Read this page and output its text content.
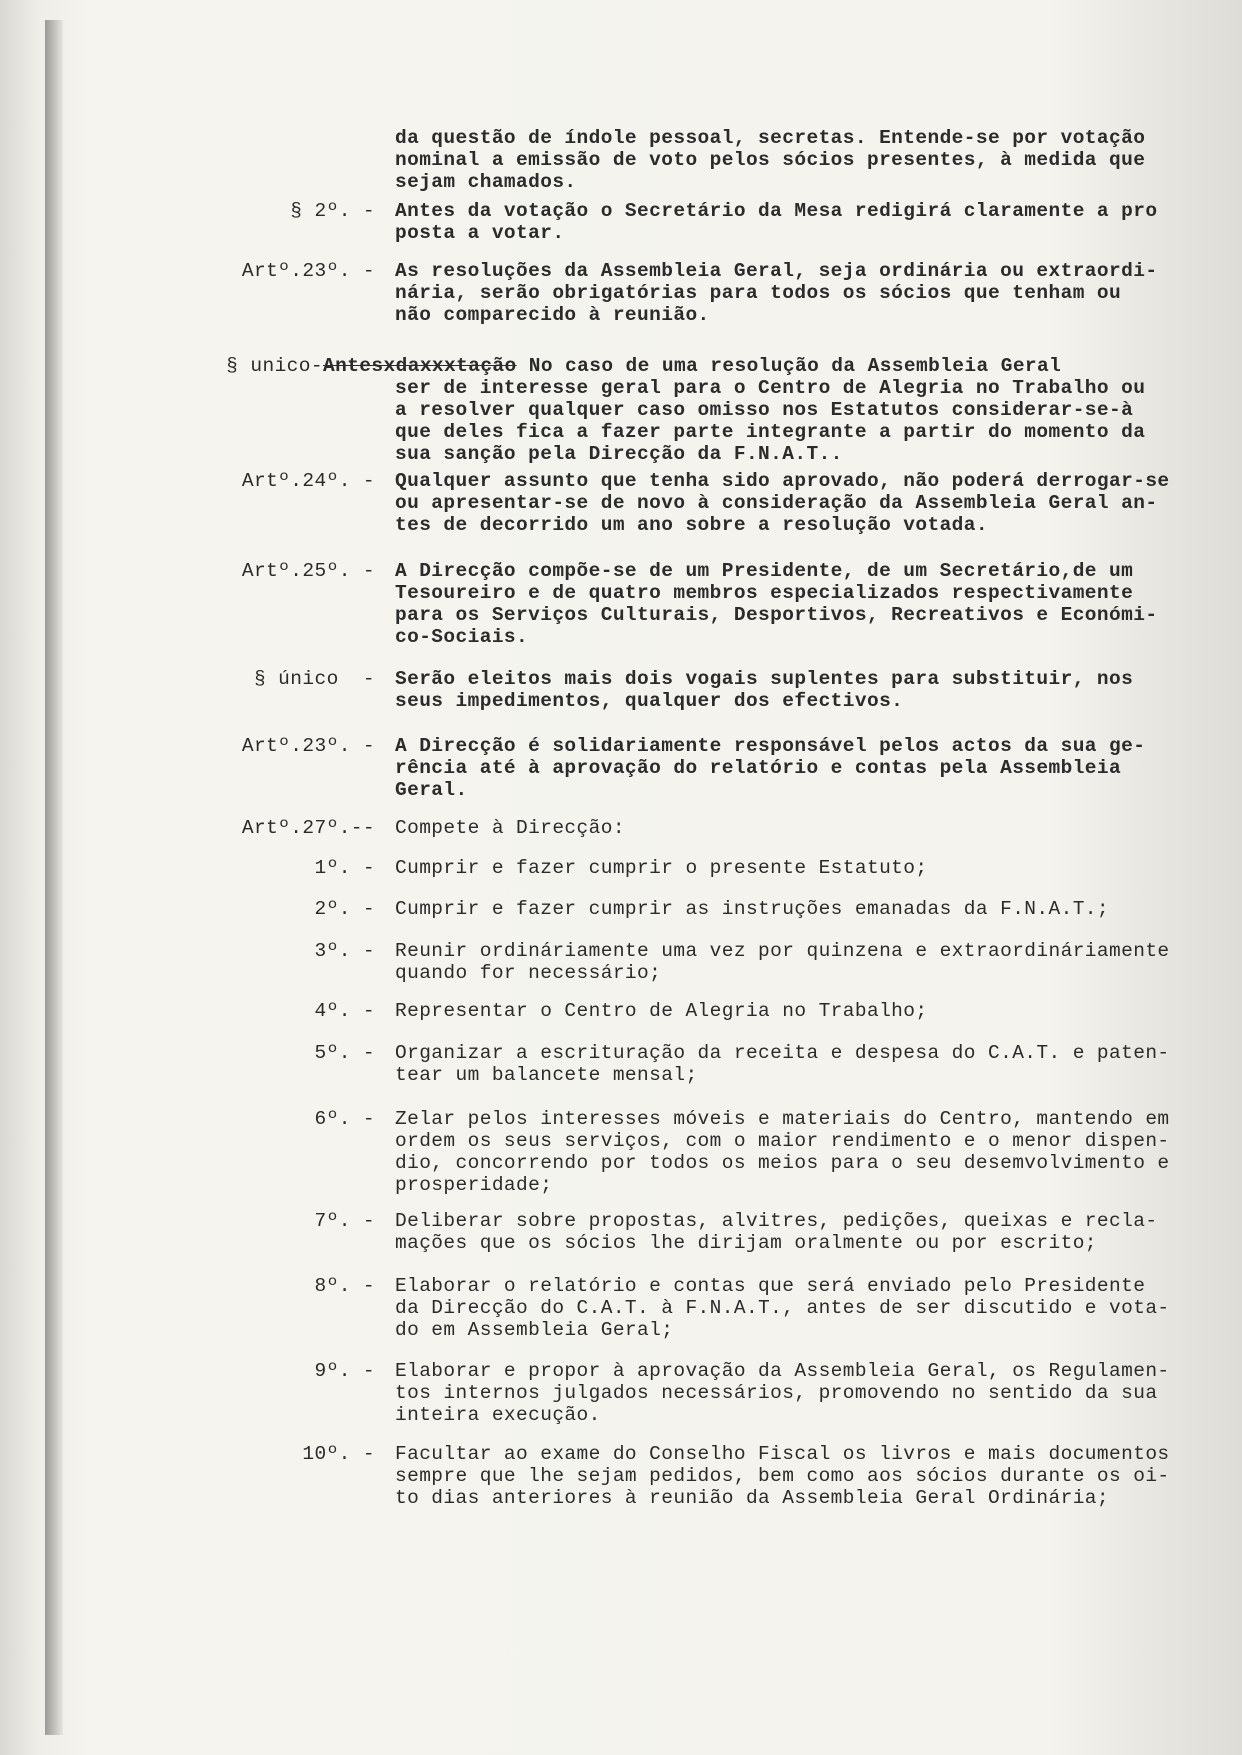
da questão de índole pessoal, secretas. Entende-se por votação
nominal a emissão de voto pelos sócios presentes, à medida que
sejam chamados.
§ 2º. - Antes da votação o Secretário da Mesa redigirá claramente a pro
posta a votar.
Artº.23º. - As resoluções da Assembleia Geral, seja ordinária ou extraordi-
nária, serão obrigatórias para todos os sócios que tenham ou
não comparecido à reunião.
§ unico- Antesxdaxxxtação No caso de uma resolução da Assembleia Geral
ser de interesse geral para o Centro de Alegria no Trabalho ou
a resolver qualquer caso omisso nos Estatutos considerar-se-à
que deles fica a fazer parte integrante a partir do momento da
sua sanção pela Direcção da F.N.A.T..
Artº.24º. - Qualquer assunto que tenha sido aprovado, não poderá derrogar-se
ou apresentar-se de novo à consideração da Assembleia Geral an-
tes de decorrido um ano sobre a resolução votada.
Artº.25º. - A Direcção compõe-se de um Presidente, de um Secretário,de um
Tesoureiro e de quatro membros especializados respectivamente
para os Serviços Culturais, Desportivos, Recreativos e Económi-
co-Sociais.
§ único  - Serão eleitos mais dois vogais suplentes para substituir, nos
seus impedimentos, qualquer dos efectivos.
Artº.23º. - A Direcção é solidariamente responsável pelos actos da sua ge-
rência até à aprovação do relatório e contas pela Assembleia
Geral.
Artº.27º.-- Compete à Direcção:
1º. - Cumprir e fazer cumprir o presente Estatuto;
2º. - Cumprir e fazer cumprir as instruções emanadas da F.N.A.T.;
3º. - Reunir ordináriamente uma vez por quinzena e extraordináriamente
quando for necessário;
4º. - Representar o Centro de Alegria no Trabalho;
5º. - Organizar a escrituração da receita e despesa do C.A.T. e paten-
tear um balancete mensal;
6º. - Zelar pelos interesses móveis e materiais do Centro, mantendo em
ordem os seus serviços, com o maior rendimento e o menor dispen-
dio, concorrendo por todos os meios para o seu desemvolvimento e
prosperidade;
7º. - Deliberar sobre propostas, alvitres, pedições, queixas e recla-
mações que os sócios lhe dirijam oralmente ou por escrito;
8º. - Elaborar o relatório e contas que será enviado pelo Presidente
da Direcção do C.A.T. à F.N.A.T., antes de ser discutido e vota-
do em Assembleia Geral;
9º. - Elaborar e propor à aprovação da Assembleia Geral, os Regulamen-
tos internos julgados necessários, promovendo no sentido da sua
inteira execução.
10º. - Facultar ao exame do Conselho Fiscal os livros e mais documentos
sempre que lhe sejam pedidos, bem como aos sócios durante os oi-
to dias anteriores à reunião da Assembleia Geral Ordinária;
